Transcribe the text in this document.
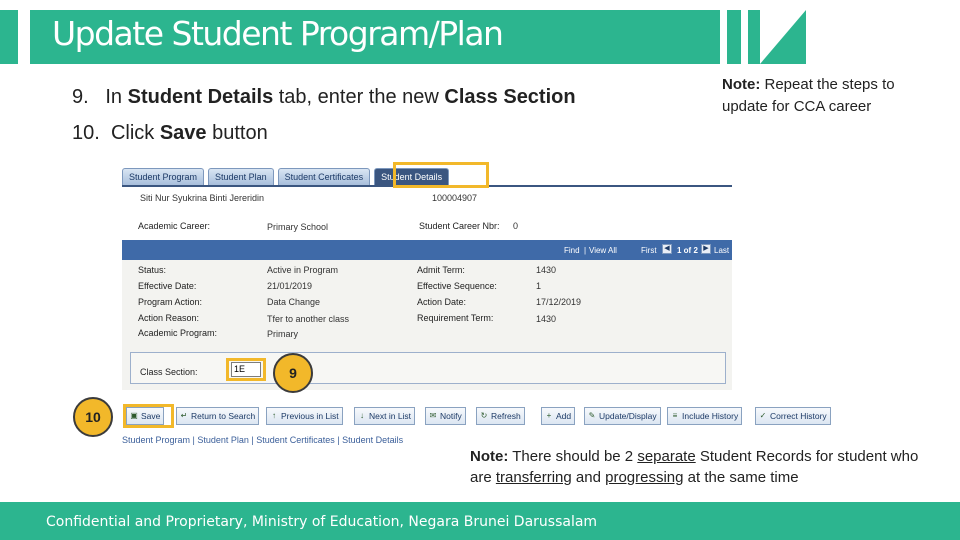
Update Student Program/Plan
9. In Student Details tab, enter the new Class Section
10. Click Save button
Note: Repeat the steps to update for CCA career
Student Program	Student Plan	Student Certificates	Student Details
Siti Nur Syukrina Binti Jereridin	100004907
Academic Career:	Primary School	Student Career Nbr: 0
Find | View All	First	◀ 1 of 2 ▶ Last
Status:	Active in Program
Effective Date:	21/01/2019
Program Action:	Data Change
Action Reason:	Tfer to another class
Academic Program:	Primary
Admit Term:	1430
Effective Sequence:	1
Action Date:	17/12/2019
Requirement Term:	1430
Class Section:	1E	9
10	▣ Save	↵ Return to Search	↑ Previous in List	↓ Next in List ✉ Notify ↻ Refresh	+ Add ✎ Update/Display	≡ Include History	✓ Correct History
Student Program | Student Plan | Student Certificates | Student Details
Note: There should be 2 separate Student Records for student who are transferring and progressing at the same time
Confidential and Proprietary, Ministry of Education, Negara Brunei Darussalam
